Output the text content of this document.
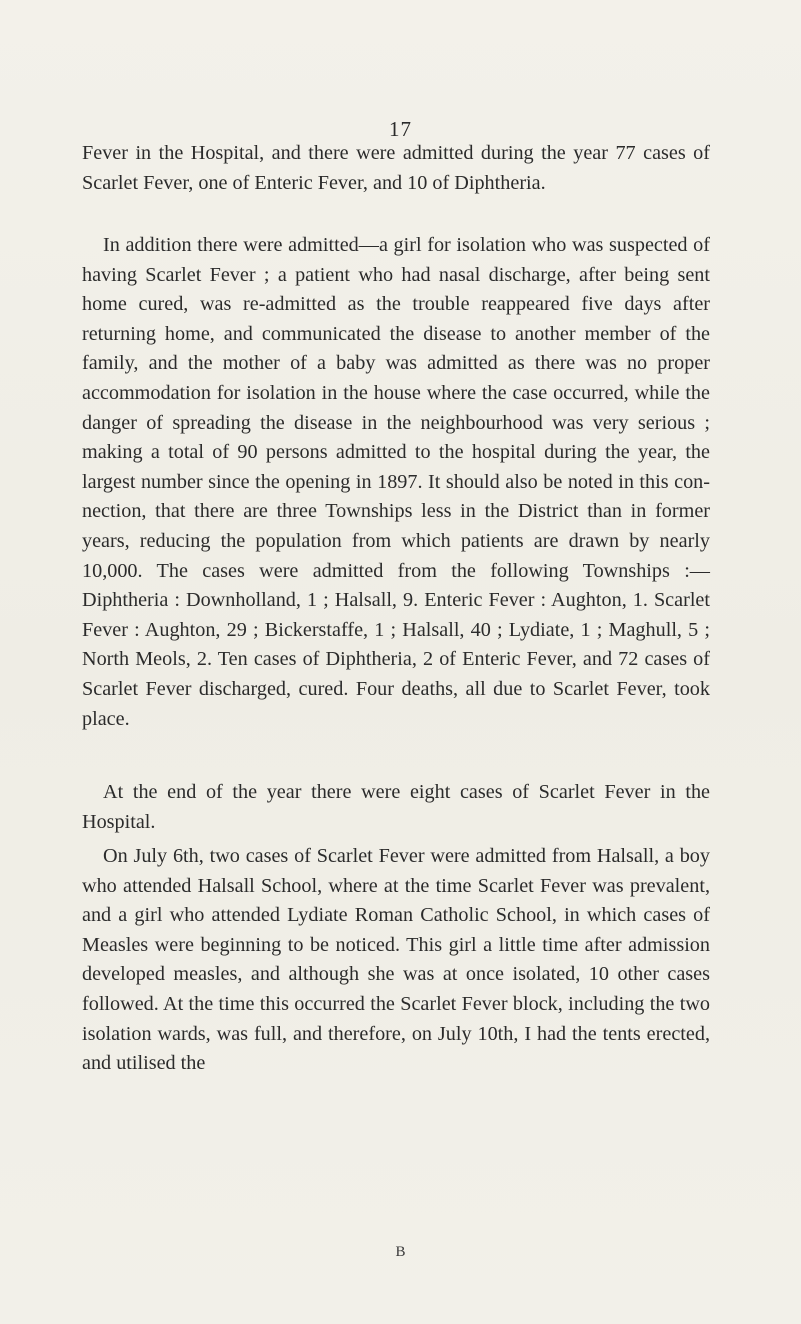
17

Fever in the Hospital, and there were admitted during the year 77 cases of Scarlet Fever, one of Enteric Fever, and 10 of Diphtheria.

In addition there were admitted—a girl for isolation who was suspected of having Scarlet Fever ; a patient who had nasal discharge, after being sent home cured, was re-admitted as the trouble reappeared five days after returning home, and communicated the disease to another member of the family, and the mother of a baby was admitted as there was no proper accommodation for isolation in the house where the case occurred, while the danger of spreading the disease in the neighbourhood was very serious ; making a total of 90 persons admitted to the hospital during the year, the largest number since the opening in 1897. It should also be noted in this connection, that there are three Townships less in the District than in former years, reducing the population from which patients are drawn by nearly 10,000. The cases were admitted from the following Townships :—Diphtheria : Downholland, 1 ; Halsall, 9. Enteric Fever : Aughton, 1. Scarlet Fever : Aughton, 29 ; Bickerstaffe, 1 ; Halsall, 40 ; Lydiate, 1 ; Maghull, 5 ; North Meols, 2. Ten cases of Diphtheria, 2 of Enteric Fever, and 72 cases of Scarlet Fever discharged, cured. Four deaths, all due to Scarlet Fever, took place.

At the end of the year there were eight cases of Scarlet Fever in the Hospital.

On July 6th, two cases of Scarlet Fever were admitted from Halsall, a boy who attended Halsall School, where at the time Scarlet Fever was prevalent, and a girl who attended Lydiate Roman Catholic School, in which cases of Measles were beginning to be noticed. This girl a little time after admission developed measles, and although she was at once isolated, 10 other cases followed. At the time this occurred the Scarlet Fever block, including the two isolation wards, was full, and therefore, on July 10th, I had the tents erected, and utilised the

B
